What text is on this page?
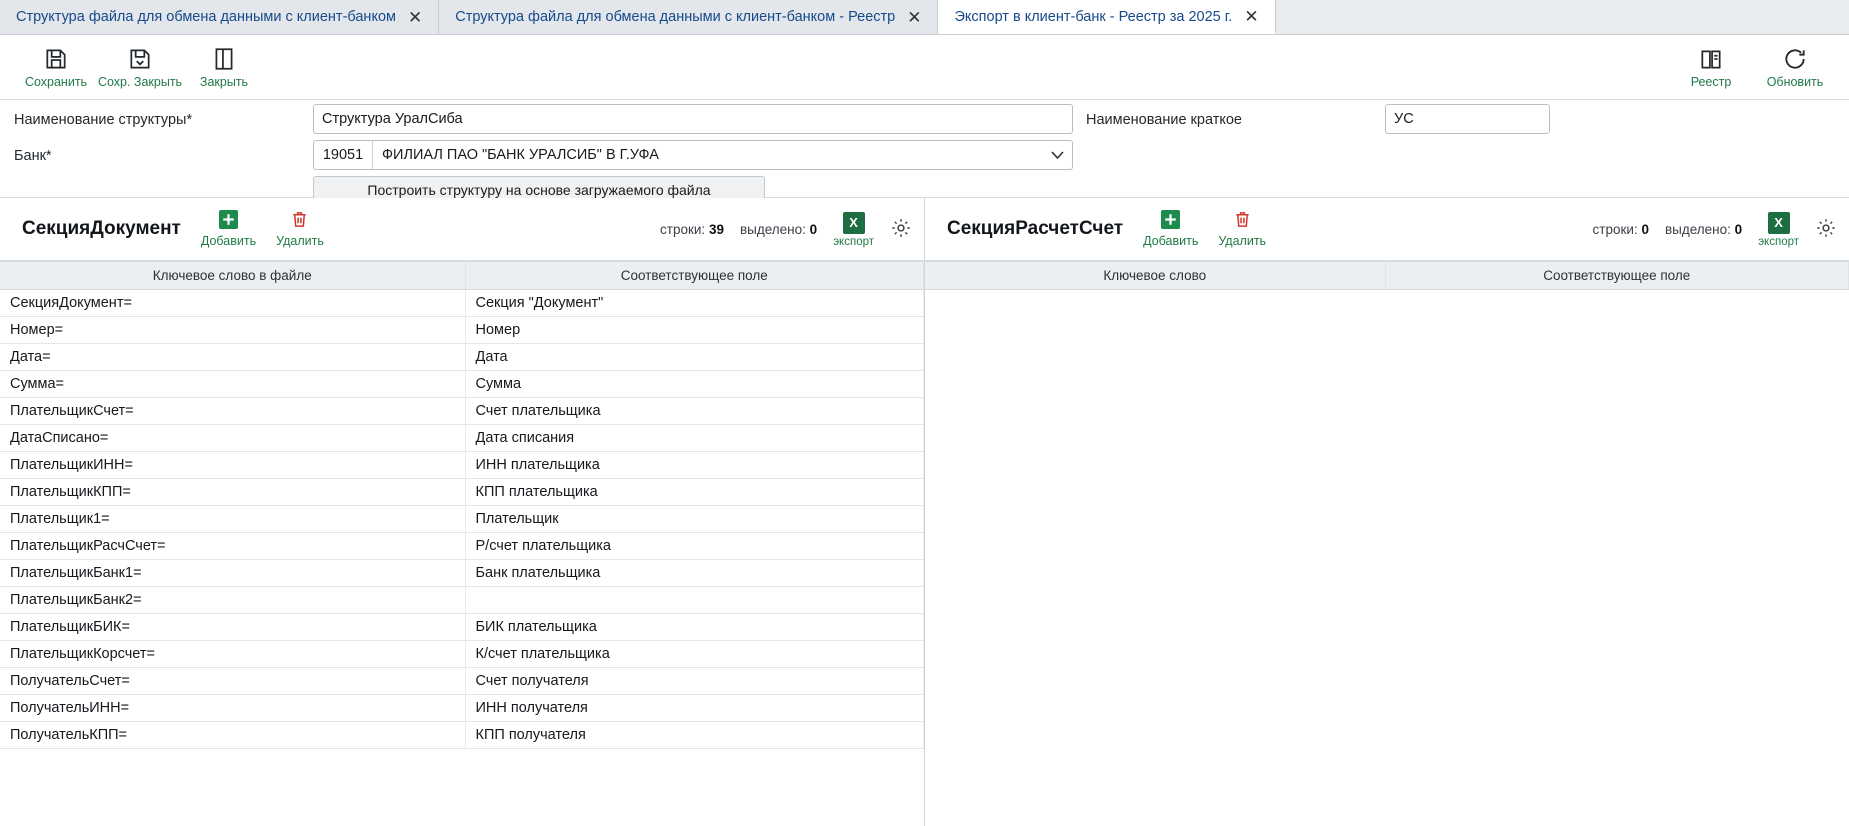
Структура файла для обмена данными с клиент-банком ✕ Структура файла для обмена данными с клиент-банком - Реестр ✕ Экспорт в клиент-банк - Реестр за 2025 г. ✕
Сохранить Сохр. Закрыть Закрыть	Реестр	Обновить
Наименование структуры*
Структура УралСиба	Наименование краткое
УС
Банк*	19051	ФИЛИАЛ ПАО "БАНК УРАЛСИБ" В Г.УФА
Построить структуру на основе загружаемого файла
СекцияДокумент
Добавить Удалить
строки: 39 выделено: 0	X
экспорт
Ключевое слово в файле	Соответствующее поле
СекцияДокумент=	Секция "Документ"
Номер=	Номер
Дата=	Дата
Сумма=	Сумма
ПлательщикСчет=	Счет плательщика
ДатаСписано=	Дата списания
ПлательщикИНН=	ИНН плательщика
ПлательщикКПП=	КПП плательщика
Плательщик1=	Плательщик
ПлательщикРасчСчет=	Р/счет плательщика
ПлательщикБанк1=	Банк плательщика
ПлательщикБанк2=	
ПлательщикБИК=	БИК плательщика
ПлательщикКорсчет=	К/счет плательщика
ПолучательСчет=	Счет получателя
ПолучательИНН=	ИНН получателя
ПолучательКПП=	КПП получателя
СекцияРасчетСчет
Добавить Удалить
строки: 0 выделено: 0	X
экспорт
Ключевое слово	Соответствующее поле
